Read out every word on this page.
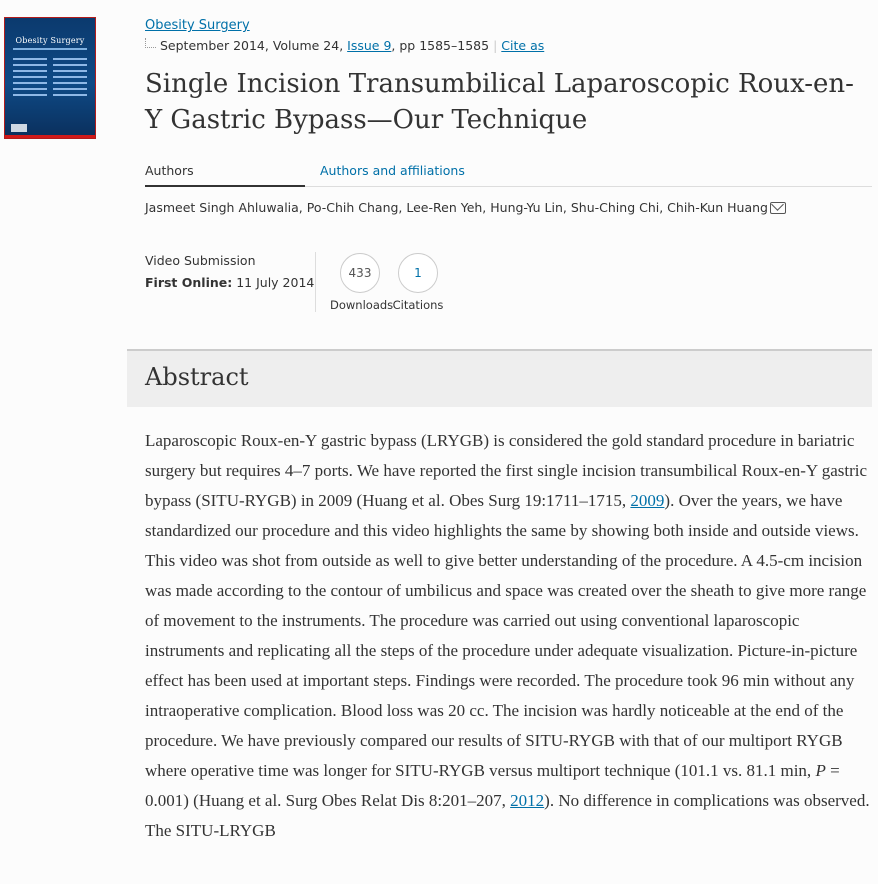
Obesity Surgery
Obesity Surgery
September 2014, Volume 24, Issue 9, pp 1585–1585 | Cite as
Single Incision Transumbilical Laparoscopic Roux-en-Y Gastric Bypass—Our Technique
Authors	Authors and affiliations
Jasmeet Singh Ahluwalia, Po-Chih Chang, Lee-Ren Yeh, Hung-Yu Lin, Shu-Ching Chi, Chih-Kun Huang
Video Submission
First Online: 11 July 2014
433
Downloads
1
Citations
Abstract

Laparoscopic Roux-en-Y gastric bypass (LRYGB) is considered the gold standard procedure in bariatric surgery but requires 4–7 ports. We have reported the first single incision transumbilical Roux-en-Y gastric bypass (SITU-RYGB) in 2009 (Huang et al. Obes Surg 19:1711–1715, 2009). Over the years, we have standardized our procedure and this video highlights the same by showing both inside and outside views. This video was shot from outside as well to give better understanding of the procedure. A 4.5-cm incision was made according to the contour of umbilicus and space was created over the sheath to give more range of movement to the instruments. The procedure was carried out using conventional laparoscopic instruments and replicating all the steps of the procedure under adequate visualization. Picture-in-picture effect has been used at important steps. Findings were recorded. The procedure took 96 min without any intraoperative complication. Blood loss was 20 cc. The incision was hardly noticeable at the end of the procedure. We have previously compared our results of SITU-RYGB with that of our multiport RYGB where operative time was longer for SITU-RYGB versus multiport technique (101.1 vs. 81.1 min, P = 0.001) (Huang et al. Surg Obes Relat Dis 8:201–207, 2012). No difference in complications was observed. The SITU-LRYGB
